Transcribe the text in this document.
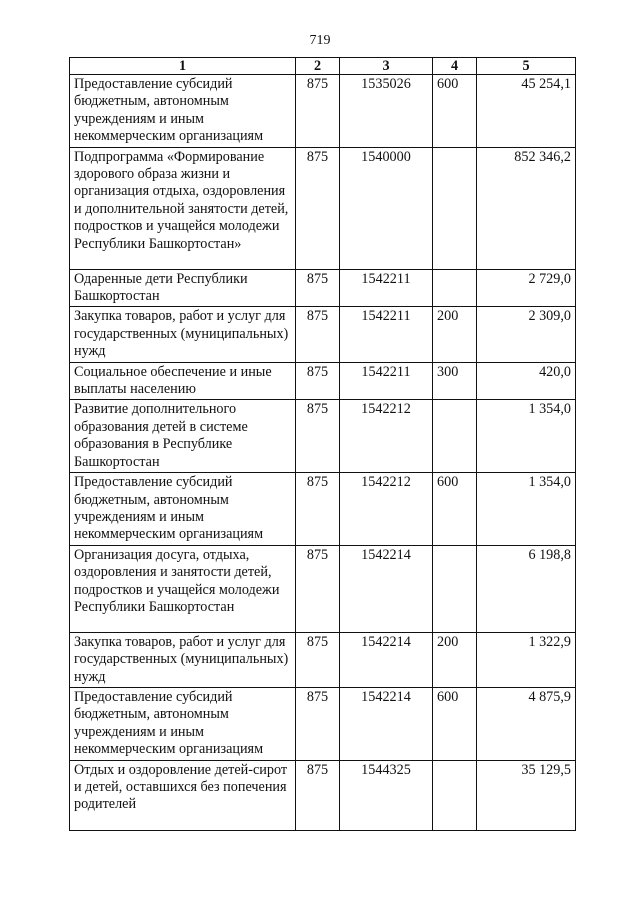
719
1	2	3	4	5
Предоставление субсидий бюджетным, автономным учреждениям и иным некоммерческим организациям	875	1535026	600	45 254,1
Подпрограмма «Формирование здорового образа жизни и организация отдыха, оздоровления и дополнительной занятости детей, подростков и учащейся молодежи Республики Башкортостан»	875	1540000		852 346,2
Одаренные дети Республики Башкортостан	875	1542211		2 729,0
Закупка товаров, работ и услуг для государственных (муниципальных) нужд	875	1542211	200	2 309,0
Социальное обеспечение и иные выплаты населению	875	1542211	300	420,0
Развитие дополнительного образования детей в системе образования в Республике Башкортостан	875	1542212		1 354,0
Предоставление субсидий бюджетным, автономным учреждениям и иным некоммерческим организациям	875	1542212	600	1 354,0
Организация досуга, отдыха, оздоровления и занятости детей, подростков и учащейся молодежи Республики Башкортостан	875	1542214		6 198,8
Закупка товаров, работ и услуг для государственных (муниципальных) нужд	875	1542214	200	1 322,9
Предоставление субсидий бюджетным, автономным учреждениям и иным некоммерческим организациям	875	1542214	600	4 875,9
Отдых и оздоровление детей-сирот и детей, оставшихся без попечения родителей	875	1544325		35 129,5
